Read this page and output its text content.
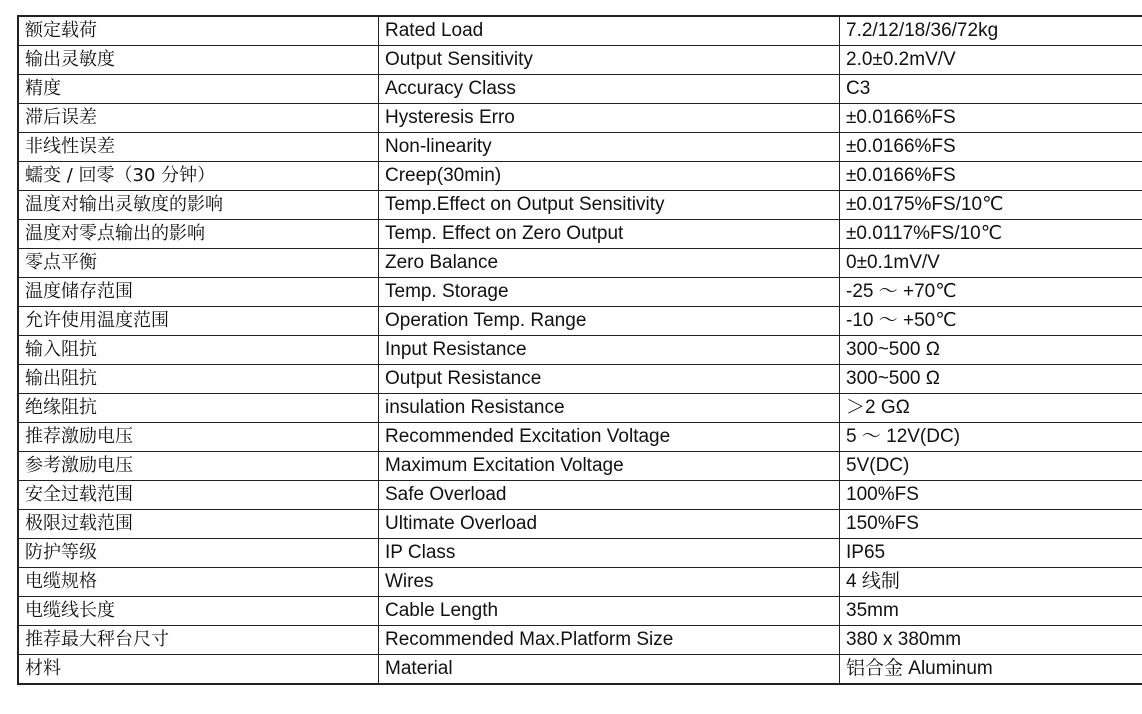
额定载荷	Rated Load	7.2/12/18/36/72kg
输出灵敏度	Output Sensitivity	2.0±0.2mV/V
精度	Accuracy Class	C3
滞后误差	Hysteresis Erro	±0.0166%FS
非线性误差	Non-linearity	±0.0166%FS
蠕变 / 回零（30 分钟）	Creep(30min)	±0.0166%FS
温度对输出灵敏度的影响	Temp.Effect on Output Sensitivity	±0.0175%FS/10℃
温度对零点输出的影响	Temp. Effect on Zero Output	±0.0117%FS/10℃
零点平衡	Zero Balance	0±0.1mV/V
温度储存范围	Temp. Storage	-25 ～ +70℃
允许使用温度范围	Operation Temp. Range	-10 ～ +50℃
输入阻抗	Input Resistance	300~500 Ω
输出阻抗	Output Resistance	300~500 Ω
绝缘阻抗	insulation Resistance	＞2 GΩ
推荐激励电压	Recommended Excitation Voltage	5 ～ 12V(DC)
参考激励电压	Maximum Excitation Voltage	5V(DC)
安全过载范围	Safe Overload	100%FS
极限过载范围	Ultimate Overload	150%FS
防护等级	IP Class	IP65
电缆规格	Wires	4 线制
电缆线长度	Cable Length	35mm
推荐最大秤台尺寸	Recommended Max.Platform Size	380 x 380mm
材料	Material	铝合金 Aluminum
